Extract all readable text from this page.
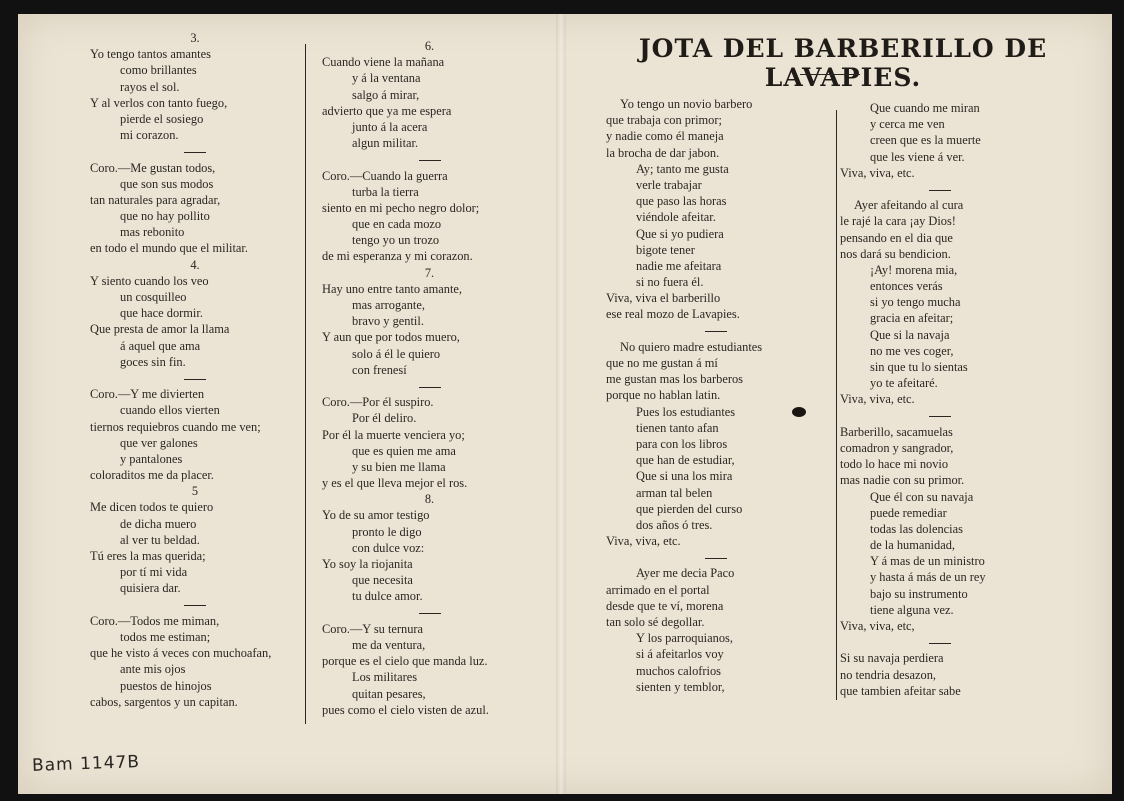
3.
Yo tengo tantos amantes
como brillantes
rayos el sol.
Y al verlos con tanto fuego,
pierde el sosiego
mi corazon.
Coro.—Me gustan todos,
que son sus modos
tan naturales para agradar,
que no hay pollito
mas rebonito
en todo el mundo que el militar.
4.
Y siento cuando los veo
un cosquilleo
que hace dormir.
Que presta de amor la llama
á aquel que ama
goces sin fin.
Coro.—Y me divierten
cuando ellos vierten
tiernos requiebros cuando me ven;
que ver galones
y pantalones
coloraditos me da placer.
5
Me dicen todos te quiero
de dicha muero
al ver tu beldad.
Tú eres la mas querida;
por tí mi vida
quisiera dar.
Coro.—Todos me miman,
todos me estiman;
que he visto á veces con muchoafan,
ante mis ojos
puestos de hinojos
cabos, sargentos y un capitan.
6.
Cuando viene la mañana
y á la ventana
salgo á mirar,
advierto que ya me espera
junto á la acera
algun militar.
Coro.—Cuando la guerra
turba la tierra
siento en mi pecho negro dolor;
que en cada mozo
tengo yo un trozo
de mi esperanza y mi corazon.
7.
Hay uno entre tanto amante,
mas arrogante,
bravo y gentil.
Y aun que por todos muero,
solo á él le quiero
con frenesí
Coro.—Por él suspiro.
Por él deliro.
Por él la muerte venciera yo;
que es quien me ama
y su bien me llama
y es el que lleva mejor el ros.
8.
Yo de su amor testigo
pronto le digo
con dulce voz:
Yo soy la riojanita
que necesita
tu dulce amor.
Coro.—Y su ternura
me da ventura,
porque es el cielo que manda luz.
Los militares
quitan pesares,
pues como el cielo visten de azul.
JOTA DEL BARBERILLO DE LAVAPIES.
Yo tengo un novio barbero
que trabaja con primor;
y nadie como él maneja
la brocha de dar jabon.
Ay; tanto me gusta
verle trabajar
que paso las horas
viéndole afeitar.
Que si yo pudiera
bigote tener
nadie me afeitara
si no fuera él.
Viva, viva el barberillo
ese real mozo de Lavapies.
No quiero madre estudiantes
que no me gustan á mí
me gustan mas los barberos
porque no hablan latin.
Pues los estudiantes
tienen tanto afan
para con los libros
que han de estudiar,
Que si una los mira
arman tal belen
que pierden del curso
dos años ó tres.
Viva, viva, etc.
Ayer me decia Paco
arrimado en el portal
desde que te ví, morena
tan solo sé degollar.
Y los parroquianos,
si á afeitarlos voy
muchos calofrios
sienten y temblor,
Que cuando me miran
y cerca me ven
creen que es la muerte
que les viene á ver.
Viva, viva, etc.
Ayer afeitando al cura
le rajé la cara ¡ay Dios!
pensando en el dia que
nos dará su bendicion.
¡Ay! morena mia,
entonces verás
si yo tengo mucha
gracia en afeitar;
Que si la navaja
no me ves coger,
sin que tu lo sientas
yo te afeitaré.
Viva, viva, etc.
Barberillo, sacamuelas
comadron y sangrador,
todo lo hace mi novio
mas nadie con su primor.
Que él con su navaja
puede remediar
todas las dolencias
de la humanidad,
Y á mas de un ministro
y hasta á más de un rey
bajo su instrumento
tiene alguna vez.
Viva, viva, etc,
Si su navaja perdiera
no tendria desazon,
que tambien afeitar sabe
Bam 1147B
